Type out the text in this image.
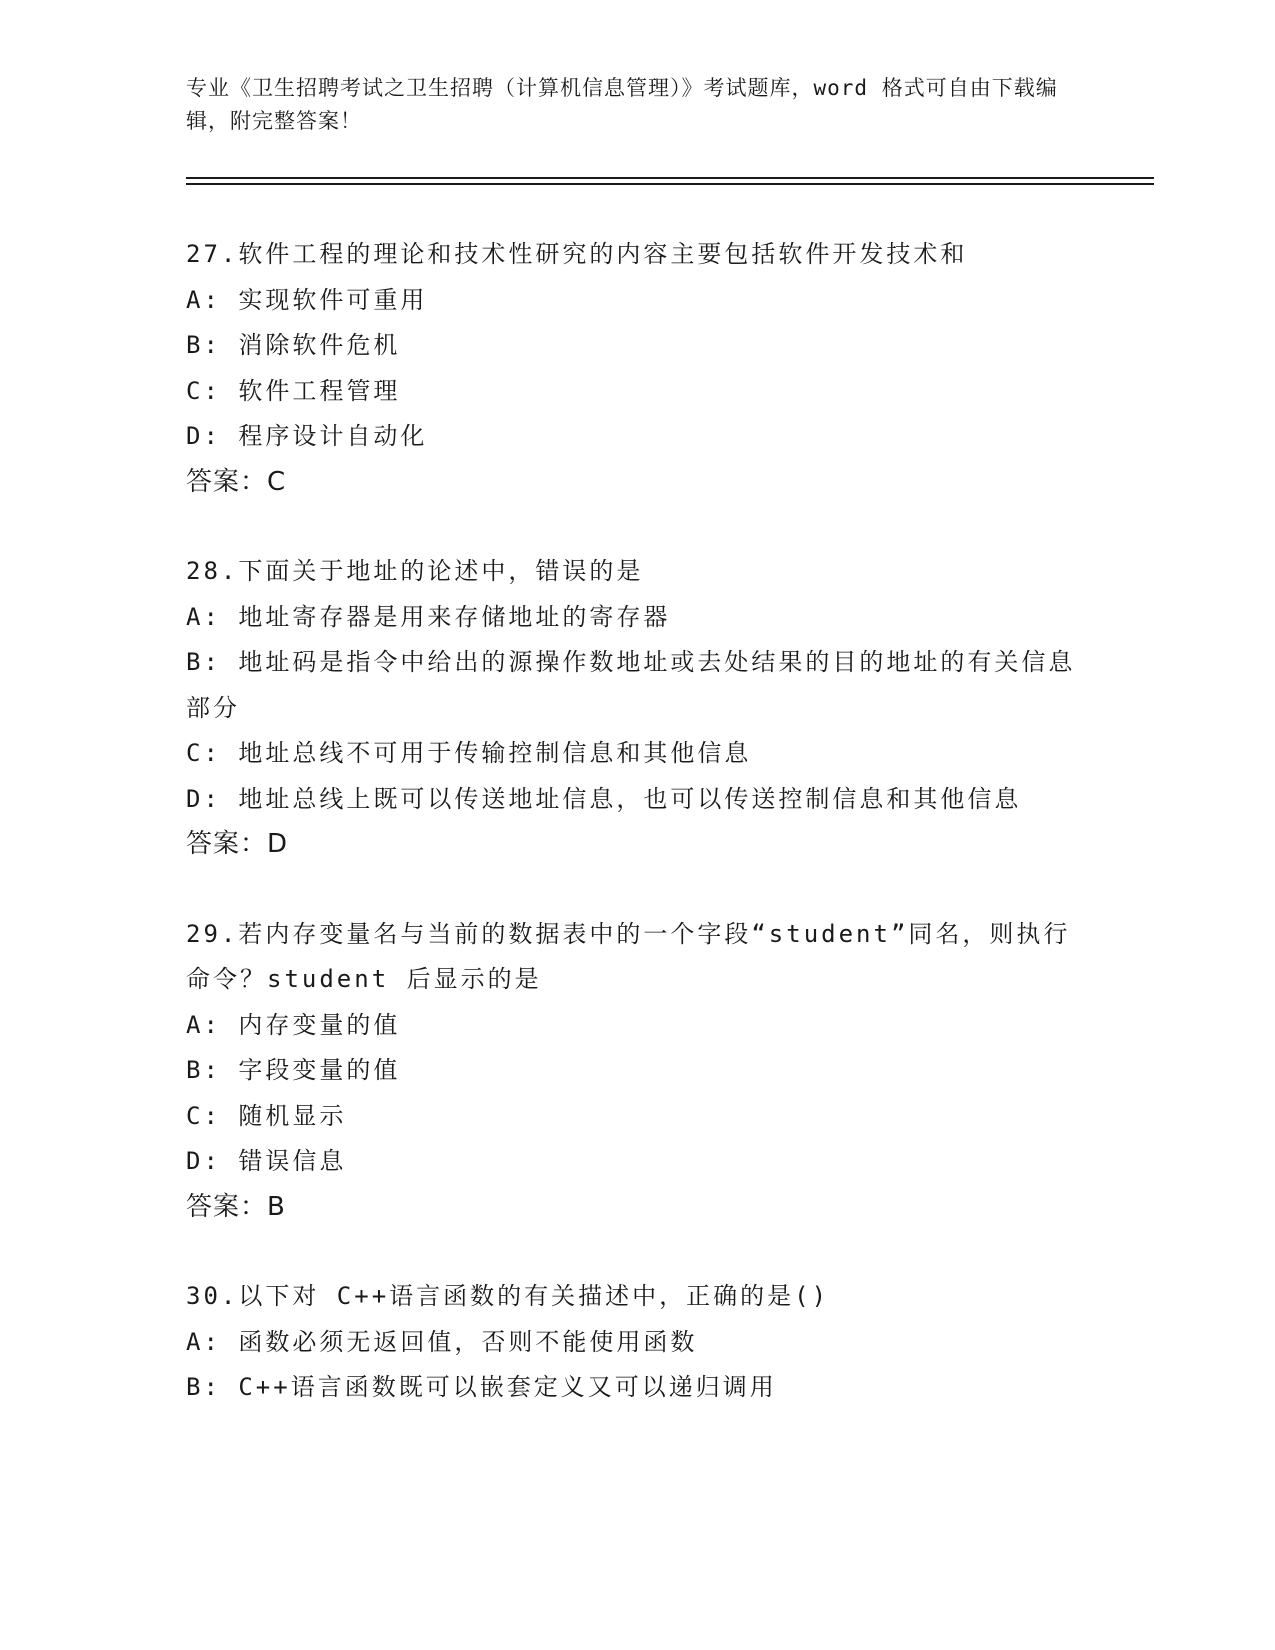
专业《卫生招聘考试之卫生招聘（计算机信息管理）》考试题库，word 格式可自由下载编辑，附完整答案！
27.软件工程的理论和技术性研究的内容主要包括软件开发技术和
A: 实现软件可重用
B: 消除软件危机
C: 软件工程管理
D: 程序设计自动化
答案：C
28.下面关于地址的论述中，错误的是
A: 地址寄存器是用来存储地址的寄存器
B: 地址码是指令中给出的源操作数地址或去处结果的目的地址的有关信息部分
C: 地址总线不可用于传输控制信息和其他信息
D: 地址总线上既可以传送地址信息，也可以传送控制信息和其他信息
答案：D
29.若内存变量名与当前的数据表中的一个字段“student”同名，则执行命令？student 后显示的是
A: 内存变量的值
B: 字段变量的值
C: 随机显示
D: 错误信息
答案：B
30.以下对 C++语言函数的有关描述中，正确的是()
A: 函数必须无返回值，否则不能使用函数
B: C++语言函数既可以嵌套定义又可以递归调用
